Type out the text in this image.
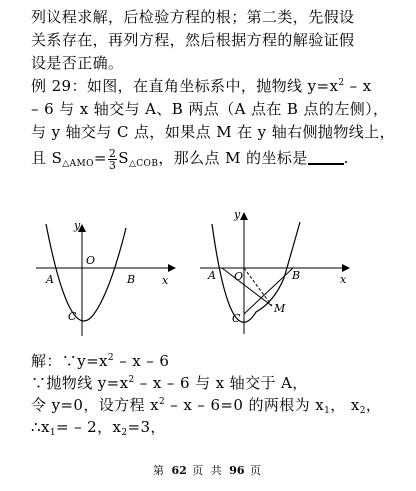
列议程求解，后检验方程的根；第二类，先假设
关系存在，再列方程，然后根据方程的解验证假
设是否正确。
例 29：如图，在直角坐标系中，抛物线 $y=x^2 - x$
– 6 与 x 轴交与 A、B 两点（A 点在 B 点的左侧），
与 y 轴交与 C 点，如果点 M 在 y 轴右侧抛物线上，
且 $S_{\triangle AMO}= \frac{2}{3} S_{\triangle COB}$，那么点 M 的坐标是 .
y
x
A
O
B
C
y
x
A O	B
C
M
解：$\because y=x^2 - x - 6$
∵抛物线 $y=x^2 - x - 6$ 与 x 轴交于 A，
令 y=0，设方程 $x^2 - x - 6=0$ 的两根为 $x_1$， $x_2$，
$\therefore x_1= - 2$，$x_2=3$，
第 62 页 共 96 页
